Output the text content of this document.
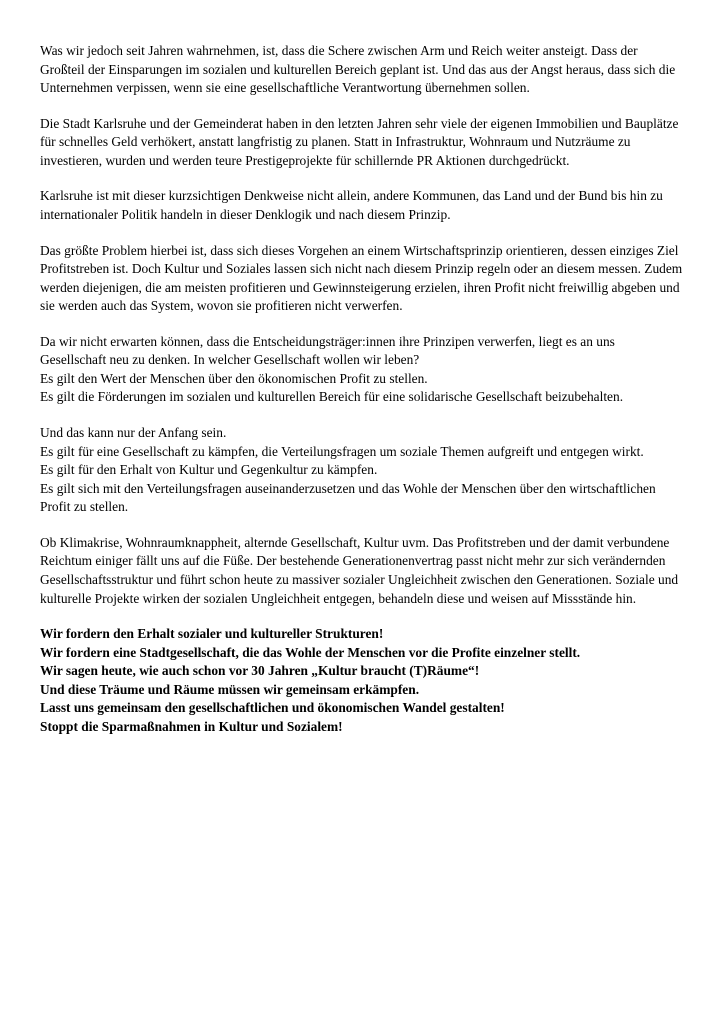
Was wir jedoch seit Jahren wahrnehmen, ist, dass die Schere zwischen Arm und Reich weiter ansteigt. Dass der Großteil der Einsparungen im sozialen und kulturellen Bereich geplant ist. Und das aus der Angst heraus, dass sich die Unternehmen verpissen, wenn sie eine gesellschaftliche Verantwortung übernehmen sollen.

Die Stadt Karlsruhe und der Gemeinderat haben in den letzten Jahren sehr viele der eigenen Immobilien und Bauplätze für schnelles Geld verhökert, anstatt langfristig zu planen. Statt in Infrastruktur, Wohnraum und Nutzräume zu investieren, wurden und werden teure Prestigeprojekte für schillernde PR Aktionen durchgedrückt.

Karlsruhe ist mit dieser kurzsichtigen Denkweise nicht allein, andere Kommunen, das Land und der Bund bis hin zu internationaler Politik handeln in dieser Denklogik und nach diesem Prinzip.

Das größte Problem hierbei ist, dass sich dieses Vorgehen an einem Wirtschaftsprinzip orientieren, dessen einziges Ziel Profitstreben ist. Doch Kultur und Soziales lassen sich nicht nach diesem Prinzip regeln oder an diesem messen. Zudem werden diejenigen, die am meisten profitieren und Gewinnsteigerung erzielen, ihren Profit nicht freiwillig abgeben und sie werden auch das System, wovon sie profitieren nicht verwerfen.

Da wir nicht erwarten können, dass die Entscheidungsträger:innen ihre Prinzipen verwerfen, liegt es an uns Gesellschaft neu zu denken. In welcher Gesellschaft wollen wir leben?
Es gilt den Wert der Menschen über den ökonomischen Profit zu stellen.
Es gilt die Förderungen im sozialen und kulturellen Bereich für eine solidarische Gesellschaft beizubehalten.

Und das kann nur der Anfang sein.
Es gilt für eine Gesellschaft zu kämpfen, die Verteilungsfragen um soziale Themen aufgreift und entgegen wirkt.
Es gilt für den Erhalt von Kultur und Gegenkultur zu kämpfen.
Es gilt sich mit den Verteilungsfragen auseinanderzusetzen und das Wohle der Menschen über den wirtschaftlichen Profit zu stellen.

Ob Klimakrise, Wohnraumknappheit, alternde Gesellschaft, Kultur uvm. Das Profitstreben und der damit verbundene Reichtum einiger fällt uns auf die Füße. Der bestehende Generationenvertrag passt nicht mehr zur sich verändernden Gesellschaftsstruktur und führt schon heute zu massiver sozialer Ungleichheit zwischen den Generationen. Soziale und kulturelle Projekte wirken der sozialen Ungleichheit entgegen, behandeln diese und weisen auf Missstände hin.

Wir fordern den Erhalt sozialer und kultureller Strukturen!
Wir fordern eine Stadtgesellschaft, die das Wohle der Menschen vor die Profite einzelner stellt.
Wir sagen heute, wie auch schon vor 30 Jahren „Kultur braucht (T)Räume“!
Und diese Träume und Räume müssen wir gemeinsam erkämpfen.
Lasst uns gemeinsam den gesellschaftlichen und ökonomischen Wandel gestalten!
Stoppt die Sparmaßnahmen in Kultur und Sozialem!
